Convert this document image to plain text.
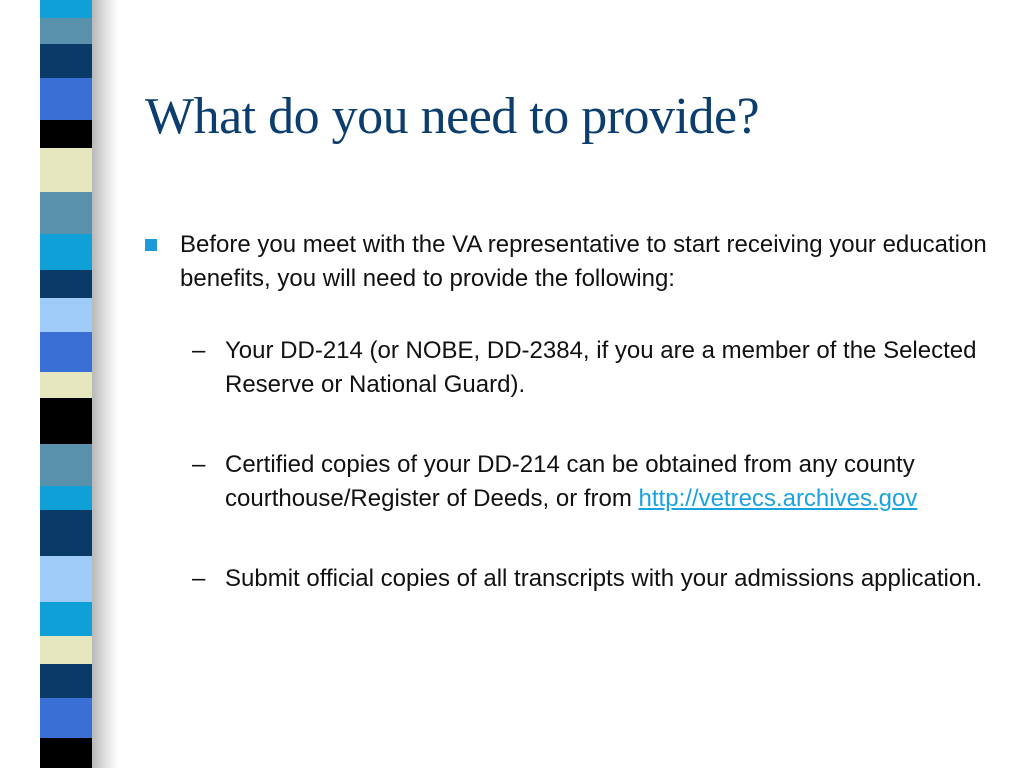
What do you need to provide?
Before you meet with the VA representative to start receiving your education benefits, you will need to provide the following:
– Your DD-214 (or NOBE, DD-2384, if you are a member of the Selected Reserve or National Guard).
– Certified copies of your DD-214 can be obtained from any county courthouse/Register of Deeds, or from http://vetrecs.archives.gov
– Submit official copies of all transcripts with your admissions application.
